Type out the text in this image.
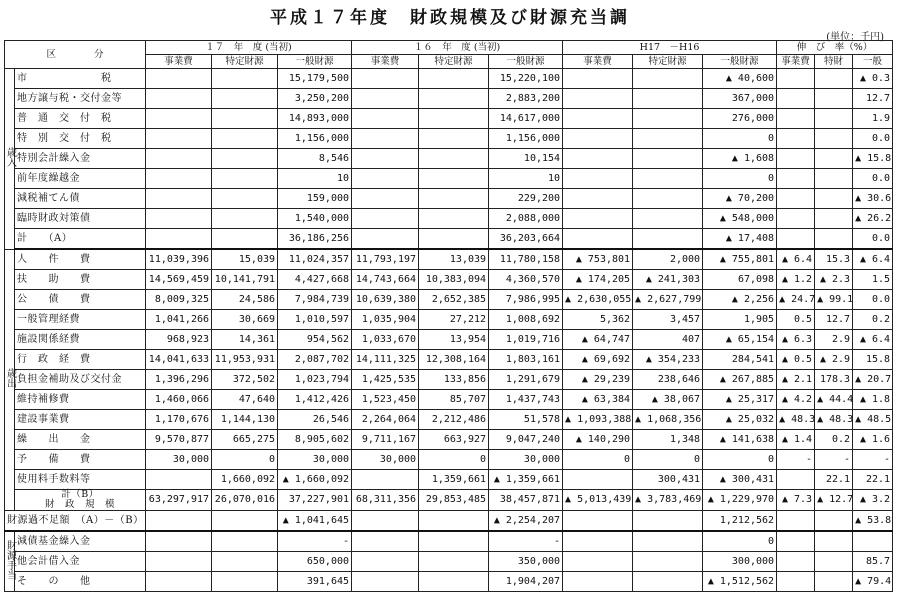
平成１７年度　財政規模及び財源充当調
(単位：千円)
区　　　　分		１７　年　度 (当初)			１６　年　度 (当初)			H17　－H16			伸　び　率（%）		
		事業費	特定財源	一般財源	事業費	特定財源	一般財源	事業費	特定財源	一般財源	事業費	特財	一般

歳
入	市　　　　　　　税			15,179,500			15,220,100			▲ 40,600			▲ 0.3
	地方譲与税・交付金等			3,250,200			2,883,200			367,000			12.7
	普　通　交　付　税			14,893,000			14,617,000			276,000			1.9
	特　別　交　付　税			1,156,000			1,156,000			0			0.0
	特別会計繰入金			8,546			10,154			▲ 1,608			▲ 15.8
	前年度繰越金			10			10			0			0.0
	減税補てん債			159,000			229,200			▲ 70,200			▲ 30.6
	臨時財政対策債			1,540,000			2,088,000			▲ 548,000			▲ 26.2
	計　　（A）			36,186,256			36,203,664			▲ 17,408			0.0

歳
出	人　　件　　費	11,039,396	15,039	11,024,357	11,793,197	13,039	11,780,158	▲ 753,801	2,000	▲ 755,801	▲ 6.4	15.3	▲ 6.4
	扶　　助　　費	14,569,459	10,141,791	4,427,668	14,743,664	10,383,094	4,360,570	▲ 174,205	▲ 241,303	67,098	▲ 1.2	▲ 2.3	1.5
	公　　債　　費	8,009,325	24,586	7,984,739	10,639,380	2,652,385	7,986,995	▲ 2,630,055	▲ 2,627,799	▲ 2,256	▲ 24.7	▲ 99.1	0.0
	一般管理経費	1,041,266	30,669	1,010,597	1,035,904	27,212	1,008,692	5,362	3,457	1,905	0.5	12.7	0.2
	施設関係経費	968,923	14,361	954,562	1,033,670	13,954	1,019,716	▲ 64,747	407	▲ 65,154	▲ 6.3	2.9	▲ 6.4
	行　政　経　費	14,041,633	11,953,931	2,087,702	14,111,325	12,308,164	1,803,161	▲ 69,692	▲ 354,233	284,541	▲ 0.5	▲ 2.9	15.8
	負担金補助及び交付金	1,396,296	372,502	1,023,794	1,425,535	133,856	1,291,679	▲ 29,239	238,646	▲ 267,885	▲ 2.1	178.3	▲ 20.7
	維持補修費	1,460,066	47,640	1,412,426	1,523,450	85,707	1,437,743	▲ 63,384	▲ 38,067	▲ 25,317	▲ 4.2	▲ 44.4	▲ 1.8
	建設事業費	1,170,676	1,144,130	26,546	2,264,064	2,212,486	51,578	▲ 1,093,388	▲ 1,068,356	▲ 25,032	▲ 48.3	▲ 48.3	▲ 48.5
	繰　　出　　金	9,570,877	665,275	8,905,602	9,711,167	663,927	9,047,240	▲ 140,290	1,348	▲ 141,638	▲ 1.4	0.2	▲ 1.6
	予　　備　　費	30,000	0	30,000	30,000	0	30,000	0	0	0	-	-	-
	使用料手数料等		1,660,092	▲ 1,660,092		1,359,661	▲ 1,359,661		300,431	▲ 300,431		22.1	22.1
	計（B）
財　政　規　模	63,297,917	26,070,016	37,227,901	68,311,356	29,853,485	38,457,871	▲ 5,013,439	▲ 3,783,469	▲ 1,229,970	▲ 7.3	▲ 12.7	▲ 3.2
財源過不足額　（A）－（B）				▲ 1,041,645			▲ 2,254,207			1,212,562			▲ 53.8

財
源
手
当	減債基金繰入金			-			-			0			
	他会計借入金			650,000			350,000			300,000			85.7
	そ　　の　　他			391,645			1,904,207			▲ 1,512,562			▲ 79.4
